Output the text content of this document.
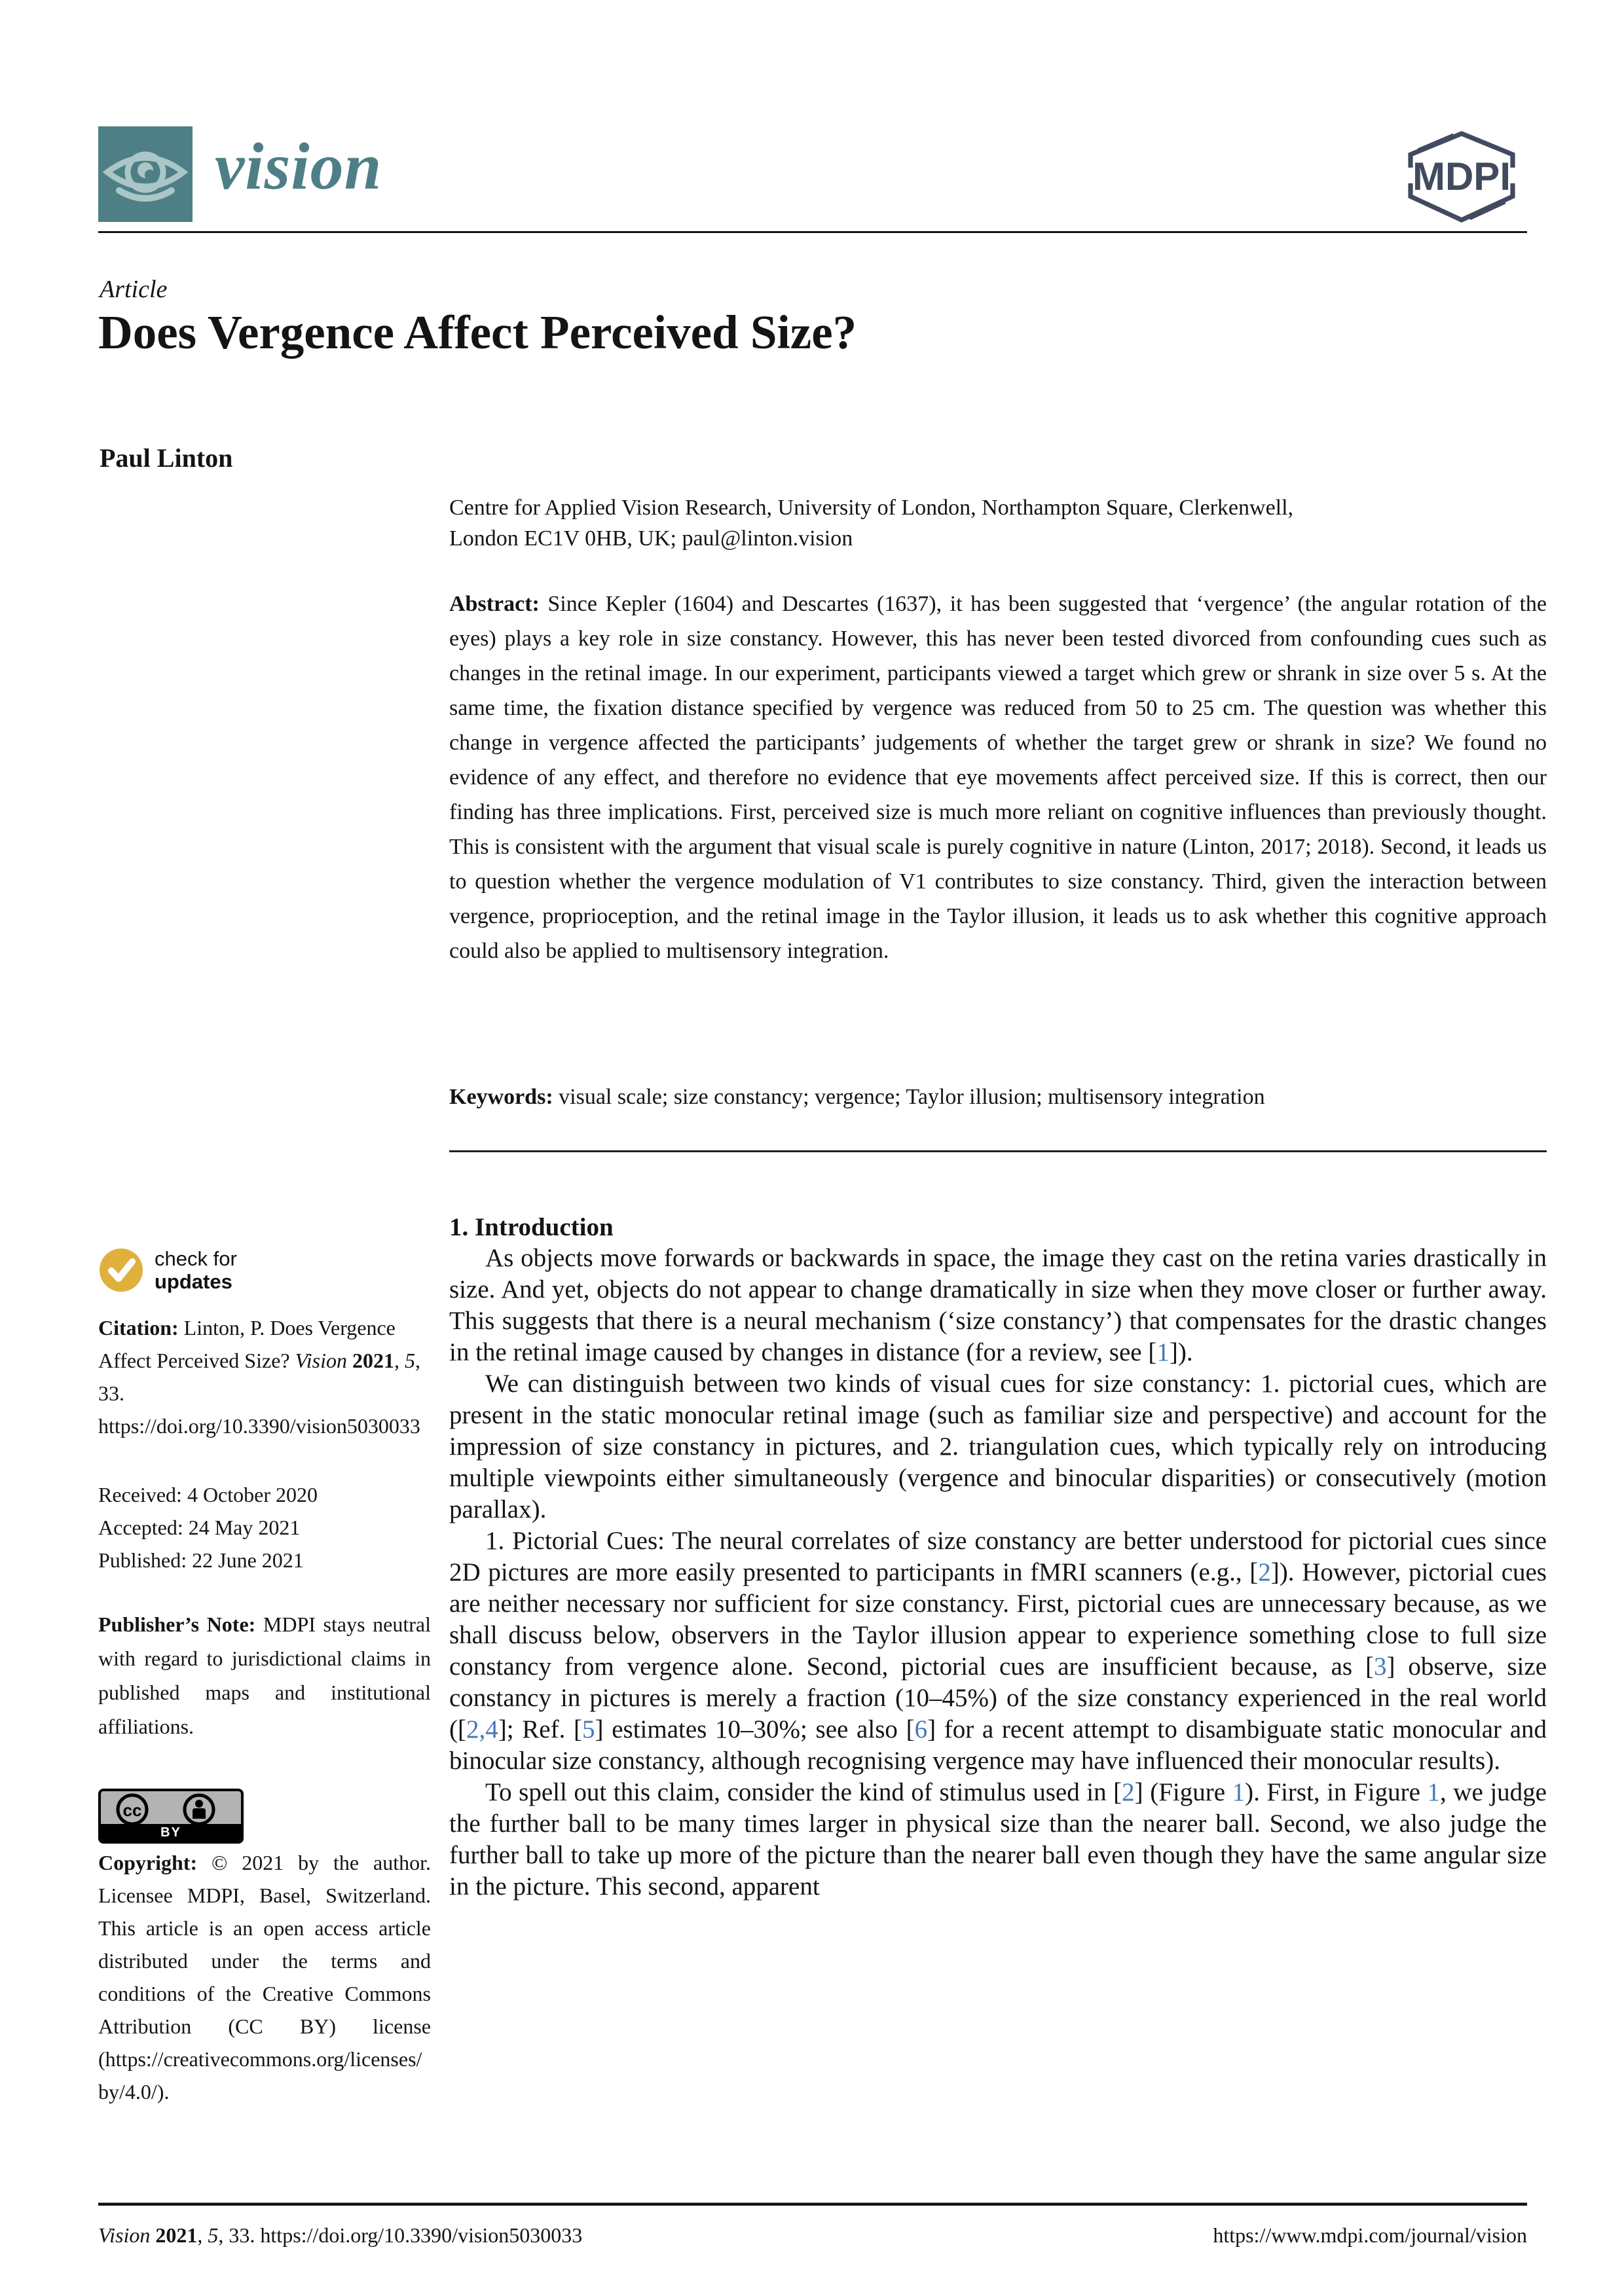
vision	MDPI
Article
Does Vergence Affect Perceived Size?
Paul Linton
Centre for Applied Vision Research, University of London, Northampton Square, Clerkenwell,
London EC1V 0HB, UK; paul@linton.vision
Abstract: Since Kepler (1604) and Descartes (1637), it has been suggested that ‘vergence’ (the angular rotation of the eyes) plays a key role in size constancy. However, this has never been tested divorced from confounding cues such as changes in the retinal image. In our experiment, participants viewed a target which grew or shrank in size over 5 s. At the same time, the fixation distance specified by vergence was reduced from 50 to 25 cm. The question was whether this change in vergence affected the participants’ judgements of whether the target grew or shrank in size? We found no evidence of any effect, and therefore no evidence that eye movements affect perceived size. If this is correct, then our finding has three implications. First, perceived size is much more reliant on cognitive influences than previously thought. This is consistent with the argument that visual scale is purely cognitive in nature (Linton, 2017; 2018). Second, it leads us to question whether the vergence modulation of V1 contributes to size constancy. Third, given the interaction between vergence, proprioception, and the retinal image in the Taylor illusion, it leads us to ask whether this cognitive approach could also be applied to multisensory integration.
Keywords: visual scale; size constancy; vergence; Taylor illusion; multisensory integration
1. Introduction

As objects move forwards or backwards in space, the image they cast on the retina varies drastically in size. And yet, objects do not appear to change dramatically in size when they move closer or further away. This suggests that there is a neural mechanism (‘size constancy’) that compensates for the drastic changes in the retinal image caused by changes in distance (for a review, see [1]).

We can distinguish between two kinds of visual cues for size constancy: 1. pictorial cues, which are present in the static monocular retinal image (such as familiar size and perspective) and account for the impression of size constancy in pictures, and 2. triangulation cues, which typically rely on introducing multiple viewpoints either simultaneously (vergence and binocular disparities) or consecutively (motion parallax).

1. Pictorial Cues: The neural correlates of size constancy are better understood for pictorial cues since 2D pictures are more easily presented to participants in fMRI scanners (e.g., [2]). However, pictorial cues are neither necessary nor sufficient for size constancy. First, pictorial cues are unnecessary because, as we shall discuss below, observers in the Taylor illusion appear to experience something close to full size constancy from vergence alone. Second, pictorial cues are insufficient because, as [3] observe, size constancy in pictures is merely a fraction (10–45%) of the size constancy experienced in the real world ([2,4]; Ref. [5] estimates 10–30%; see also [6] for a recent attempt to disambiguate static monocular and binocular size constancy, although recognising vergence may have influenced their monocular results).

To spell out this claim, consider the kind of stimulus used in [2] (Figure 1). First, in Figure 1, we judge the further ball to be many times larger in physical size than the nearer ball. Second, we also judge the further ball to take up more of the picture than the nearer ball even though they have the same angular size in the picture. This second, apparent

check for
updates
Citation: Linton, P. Does Vergence Affect Perceived Size? Vision 2021, 5, 33. https://doi.org/10.3390/vision5030033
Received: 4 October 2020
Accepted: 24 May 2021
Published: 22 June 2021
Publisher’s Note: MDPI stays neutral with regard to jurisdictional claims in published maps and institutional affiliations.
cc
BY
Copyright: © 2021 by the author. Licensee MDPI, Basel, Switzerland. This article is an open access article distributed under the terms and conditions of the Creative Commons Attribution (CC BY) license (https://creativecommons.org/licenses/by/4.0/).
Vision 2021, 5, 33. https://doi.org/10.3390/vision5030033	https://www.mdpi.com/journal/vision
